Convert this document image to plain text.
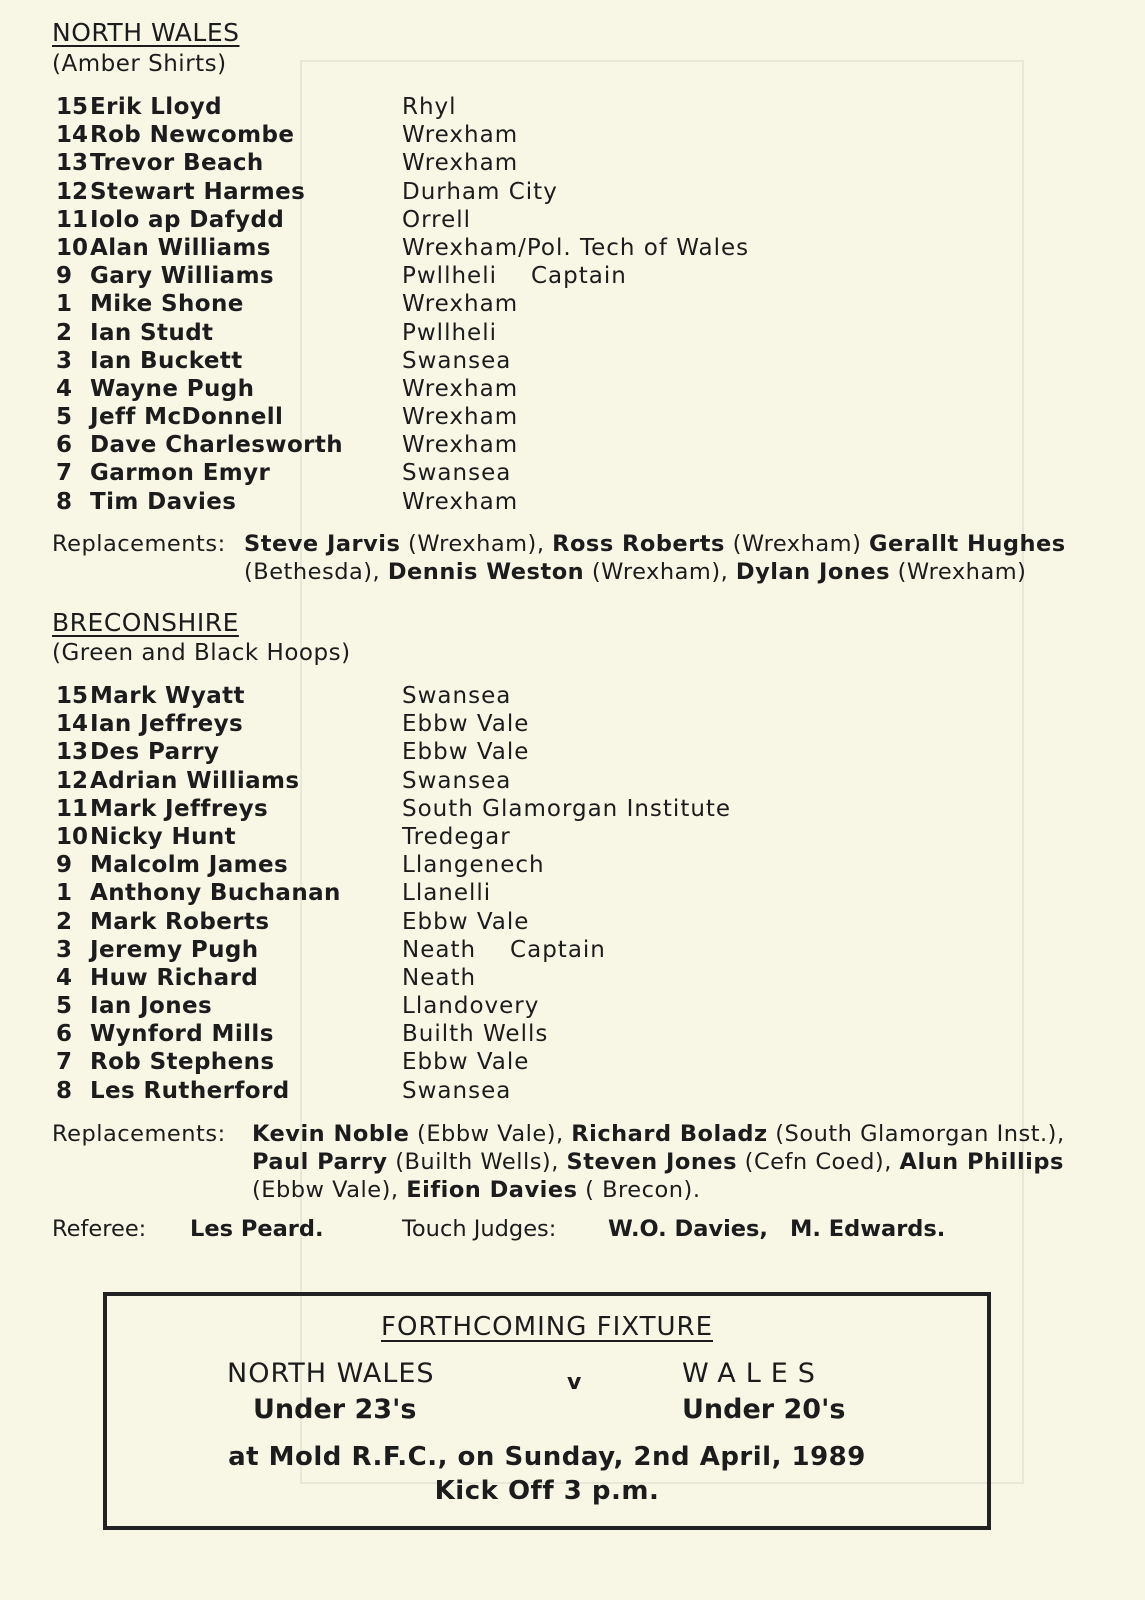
NORTH WALES
(Amber Shirts)
15 Erik Lloyd	Rhyl
14 Rob Newcombe	Wrexham
13 Trevor Beach	Wrexham
12 Stewart Harmes	Durham City
11 Iolo ap Dafydd	Orrell
10 Alan Williams	Wrexham/Pol. Tech of Wales
9 Gary Williams	Pwllheli Captain
1 Mike Shone	Wrexham
2 Ian Studt	Pwllheli
3 Ian Buckett	Swansea
4 Wayne Pugh	Wrexham
5 Jeff McDonnell	Wrexham
6 Dave Charlesworth	Wrexham
7 Garmon Emyr	Swansea
8 Tim Davies	Wrexham
Replacements: Steve Jarvis (Wrexham), Ross Roberts (Wrexham) Gerallt Hughes
(Bethesda), Dennis Weston (Wrexham), Dylan Jones (Wrexham)
BRECONSHIRE
(Green and Black Hoops)
15 Mark Wyatt	Swansea
14 Ian Jeffreys	Ebbw Vale
13 Des Parry	Ebbw Vale
12 Adrian Williams	Swansea
11 Mark Jeffreys	South Glamorgan Institute
10 Nicky Hunt	Tredegar
9 Malcolm James	Llangenech
1 Anthony Buchanan	Llanelli
2 Mark Roberts	Ebbw Vale
3 Jeremy Pugh	Neath Captain
4 Huw Richard	Neath
5 Ian Jones	Llandovery
6 Wynford Mills	Builth Wells
7 Rob Stephens	Ebbw Vale
8 Les Rutherford	Swansea
Replacements: Kevin Noble (Ebbw Vale), Richard Boladz (South Glamorgan Inst.),
Paul Parry (Builth Wells), Steven Jones (Cefn Coed), Alun Phillips
(Ebbw Vale), Eifion Davies ( Brecon).
Referee: Les Peard.	Touch Judges: W.O. Davies, M. Edwards.
FORTHCOMING FIXTURE
NORTH WALES
Under 23's
v	WALES
Under 20's
at Mold R.F.C., on Sunday, 2nd April, 1989
Kick Off 3 p.m.
